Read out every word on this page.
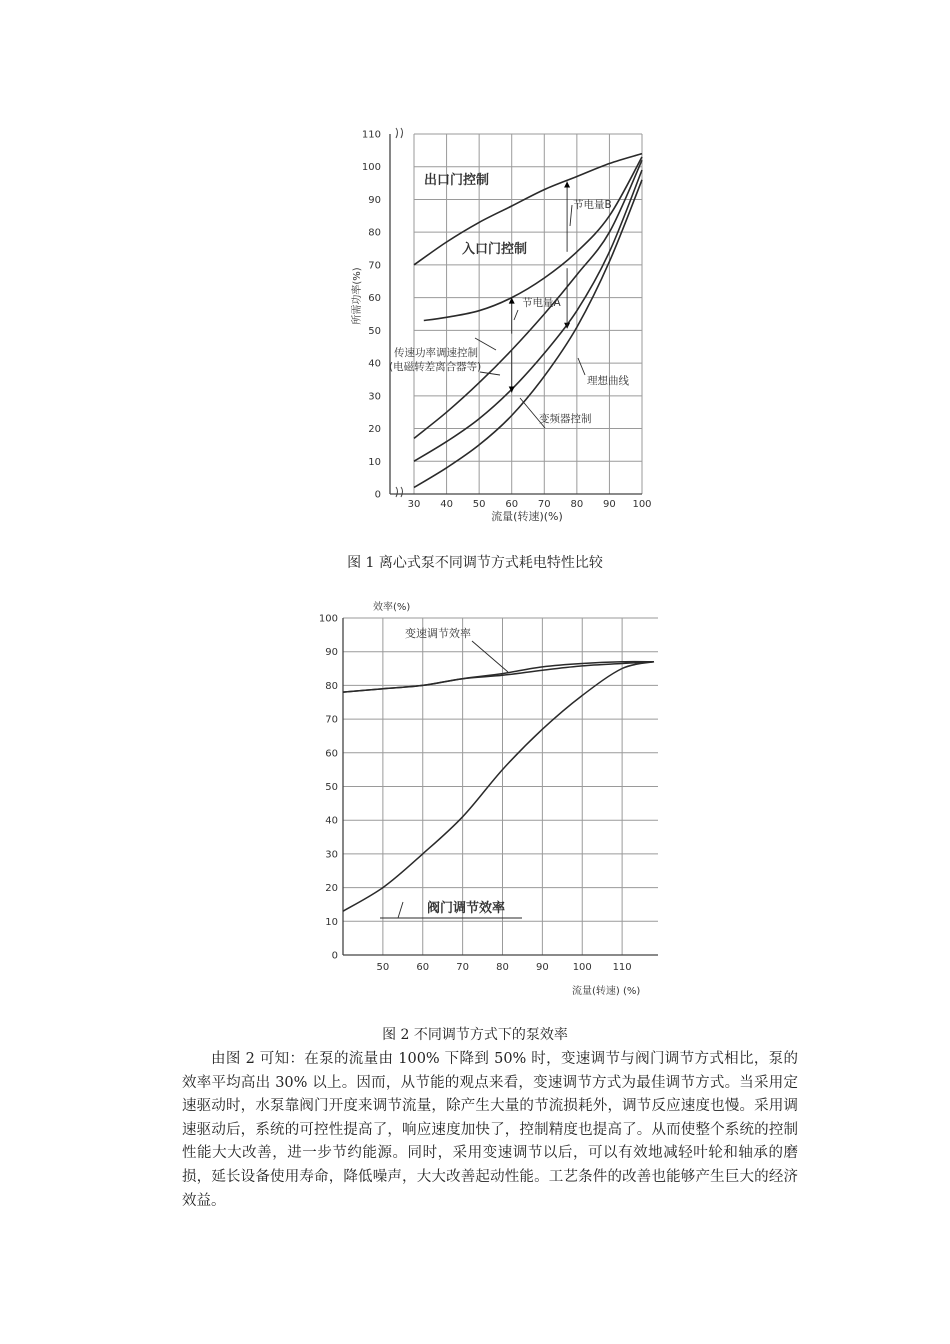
30 40 50 60 70 80 90 100
0
10
20
30
40
50
60
70
80
90
100
110
所需功率(%)
流量(转速)(%)
出口门控制
入口门控制
节电量B
节电量A
传速功率调速控制
(电磁转差离合器等)
理想曲线
变频器控制
50	60	70	80	90 100 110
0
10
20
30
40
50
60
70
80
90
100
效率(%)
流量(转速) (%)
变速调节效率
阀门调节效率
图 1 离心式泵不同调节方式耗电特性比较
图 2 不同调节方式下的泵效率
由图 2 可知：在泵的流量由 100% 下降到 50% 时，变速调节与阀门调节方式相比，泵的效率平均高出 30% 以上。因而，从节能的观点来看，变速调节方式为最佳调节方式。当采用定速驱动时，水泵靠阀门开度来调节流量，除产生大量的节流损耗外，调节反应速度也慢。采用调速驱动后，系统的可控性提高了，响应速度加快了，控制精度也提高了。从而使整个系统的控制性能大大改善，进一步节约能源。同时，采用变速调节以后，可以有效地减轻叶轮和轴承的磨损，延长设备使用寿命，降低噪声，大大改善起动性能。工艺条件的改善也能够产生巨大的经济效益。
